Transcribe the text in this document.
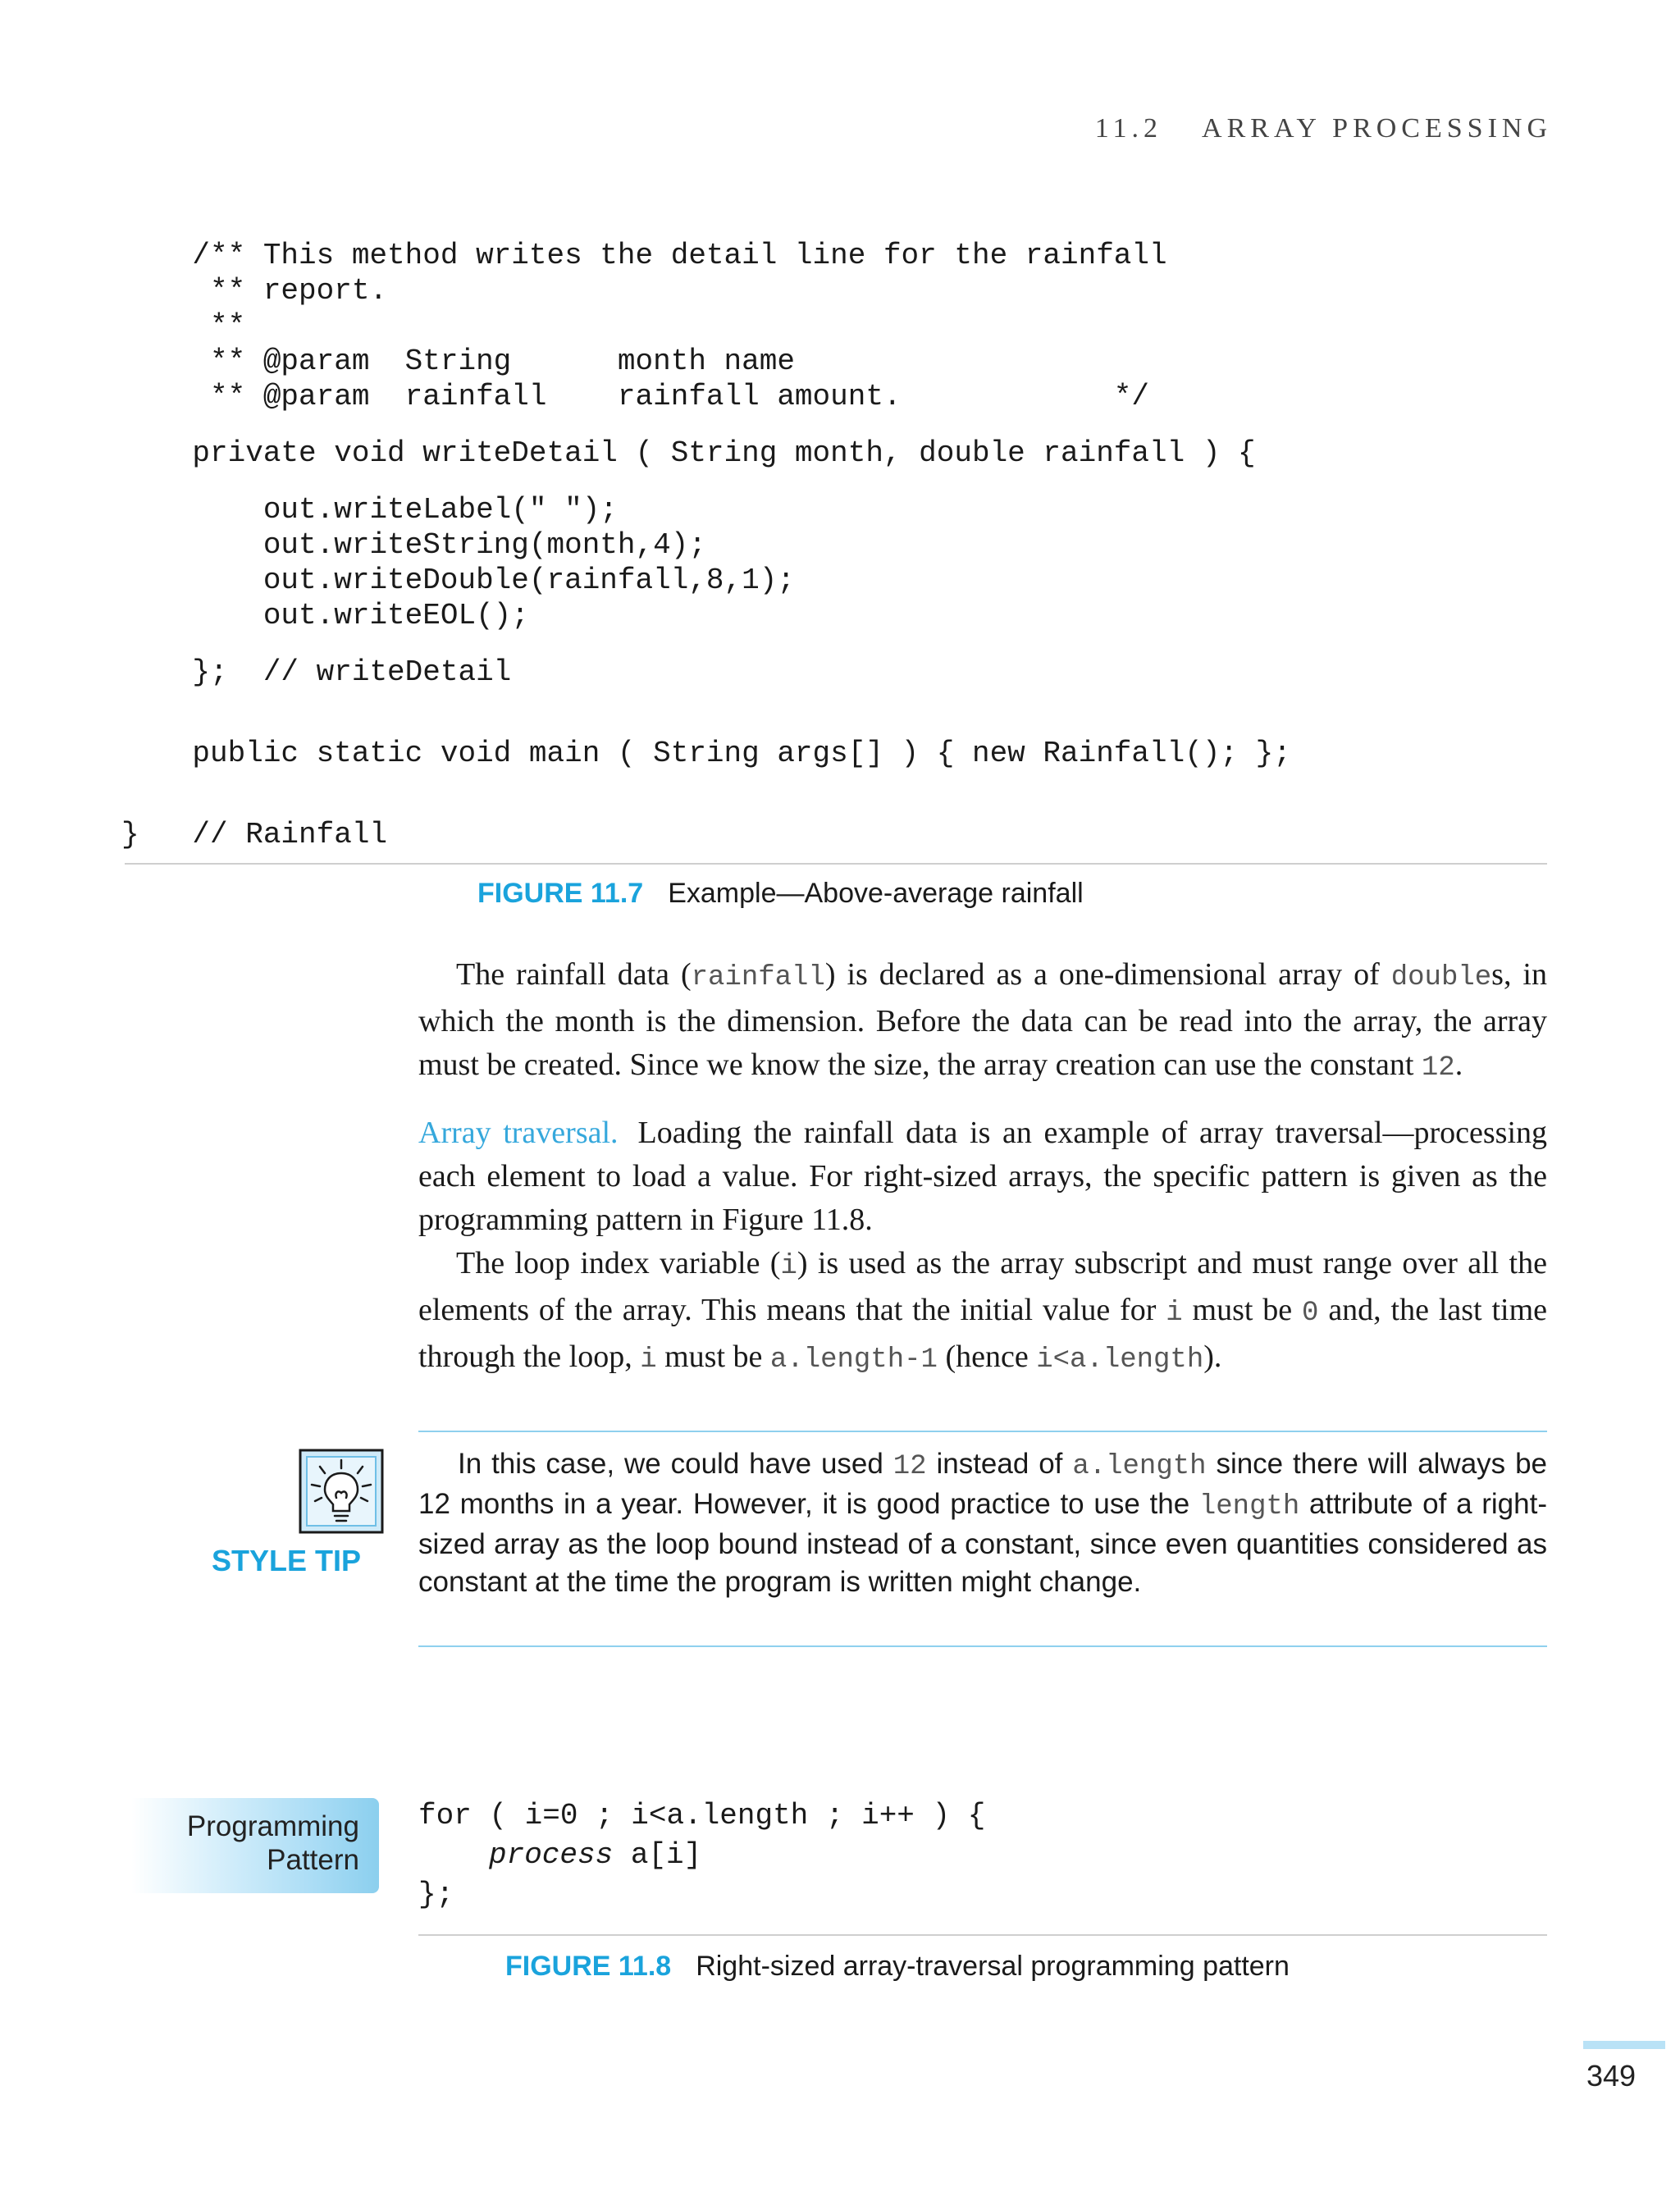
11.2 ARRAY PROCESSING
/** This method writes the detail line for the rainfall
** report.
**
** @param  String      month name
** @param  rainfall    rainfall amount.            */
private void writeDetail ( String month, double rainfall ) {
out.writeLabel(" ");
out.writeString(month,4);
out.writeDouble(rainfall,8,1);
out.writeEOL();
};  // writeDetail
public static void main ( String args[] ) { new Rainfall(); };
}   // Rainfall
FIGURE 11.7 Example—Above-average rainfall

The rainfall data (rainfall) is declared as a one-dimensional array of doubles, in which the month is the dimension. Before the data can be read into the array, the array must be created. Since we know the size, the array creation can use the constant 12.

Array traversal. Loading the rainfall data is an example of array traversal—processing each element to load a value. For right-sized arrays, the specific pattern is given as the programming pattern in Figure 11.8.

The loop index variable (i) is used as the array subscript and must range over all the elements of the array. This means that the initial value for i must be 0 and, the last time through the loop, i must be a.length-1 (hence i<a.length).

STYLE TIP

In this case, we could have used 12 instead of a.length since there will always be 12 months in a year. However, it is good practice to use the length attribute of a right-sized array as the loop bound instead of a constant, since even quantities considered as constant at the time the program is written might change.

Programming
Pattern
for ( i=0 ; i<a.length ; i++ ) {
process a[i]
};
FIGURE 11.8 Right-sized array-traversal programming pattern
349
